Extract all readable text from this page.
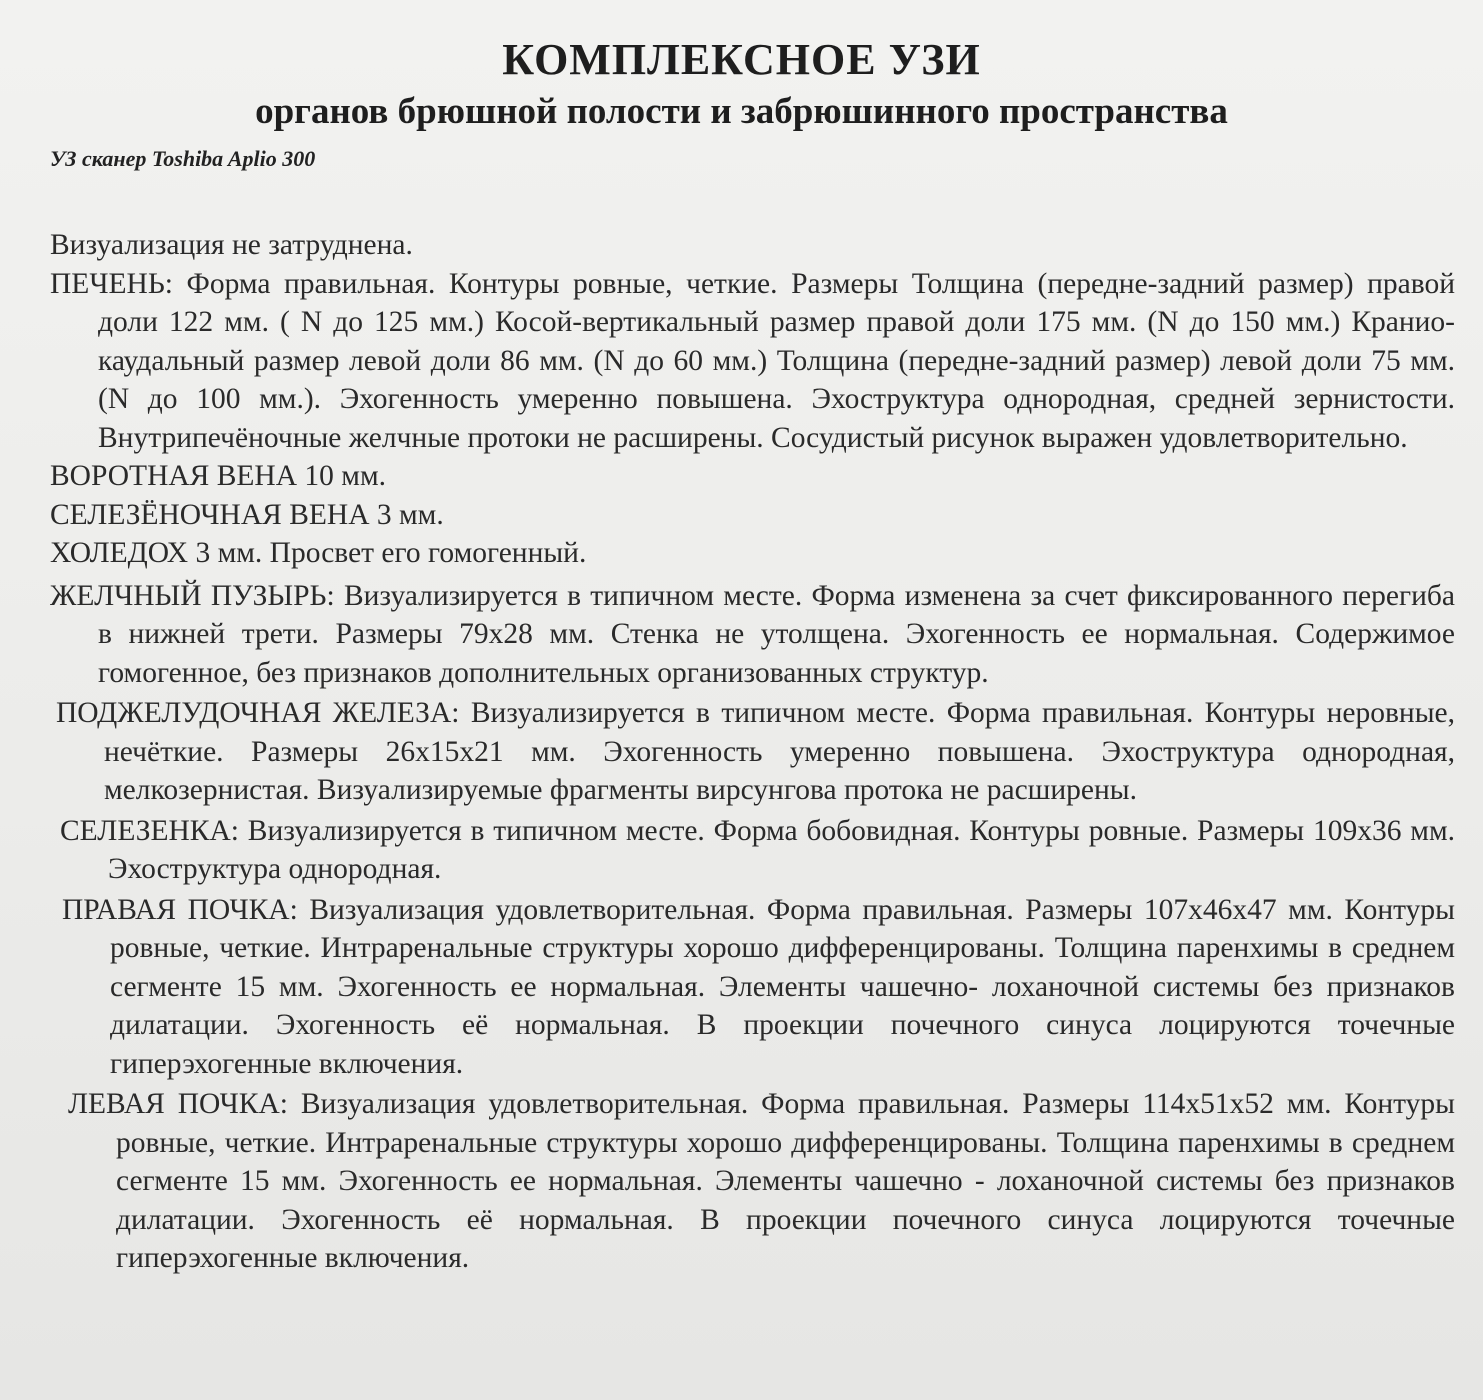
КОМПЛЕКСНОЕ УЗИ
органов брюшной полости и забрюшинного пространства
УЗ сканер Toshiba Aplio 300

Визуализация не затруднена.

ПЕЧЕНЬ: Форма правильная. Контуры ровные, четкие. Размеры Толщина (передне-задний размер) правой доли 122 мм. ( N до 125 мм.) Косой-вертикальный размер правой доли 175 мм. (N до 150 мм.) Кранио-каудальный размер левой доли 86 мм. (N до 60 мм.) Толщина (передне-задний размер) левой доли 75 мм. (N до 100 мм.). Эхогенность умеренно повышена. Эхоструктура однородная, средней зернистости. Внутрипечёночные желчные протоки не расширены. Сосудистый рисунок выражен удовлетворительно.

ВОРОТНАЯ ВЕНА 10 мм.

СЕЛЕЗЁНОЧНАЯ ВЕНА 3 мм.

ХОЛЕДОХ 3 мм. Просвет его гомогенный.

ЖЕЛЧНЫЙ ПУЗЫРЬ: Визуализируется в типичном месте. Форма изменена за счет фиксированного перегиба в нижней трети. Размеры 79x28 мм. Стенка не утолщена. Эхогенность ее нормальная. Содержимое гомогенное, без признаков дополнительных организованных структур.

ПОДЖЕЛУДОЧНАЯ ЖЕЛЕЗА: Визуализируется в типичном месте. Форма правильная. Контуры неровные, нечёткие. Размеры 26x15x21 мм. Эхогенность умеренно повышена. Эхоструктура однородная, мелкозернистая. Визуализируемые фрагменты вирсунгова протока не расширены.

СЕЛЕЗЕНКА: Визуализируется в типичном месте. Форма бобовидная. Контуры ровные. Размеры 109x36 мм. Эхоструктура однородная.

ПРАВАЯ ПОЧКА: Визуализация удовлетворительная. Форма правильная. Размеры 107x46x47 мм. Контуры ровные, четкие. Интраренальные структуры хорошо дифференцированы. Толщина паренхимы в среднем сегменте 15 мм. Эхогенность ее нормальная. Элементы чашечно- лоханочной системы без признаков дилатации. Эхогенность её нормальная. В проекции почечного синуса лоцируются точечные гиперэхогенные включения.

ЛЕВАЯ ПОЧКА: Визуализация удовлетворительная. Форма правильная. Размеры 114x51x52 мм. Контуры ровные, четкие. Интраренальные структуры хорошо дифференцированы. Толщина паренхимы в среднем сегменте 15 мм. Эхогенность ее нормальная. Элементы чашечно - лоханочной системы без признаков дилатации. Эхогенность её нормальная. В проекции почечного синуса лоцируются точечные гиперэхогенные включения.
